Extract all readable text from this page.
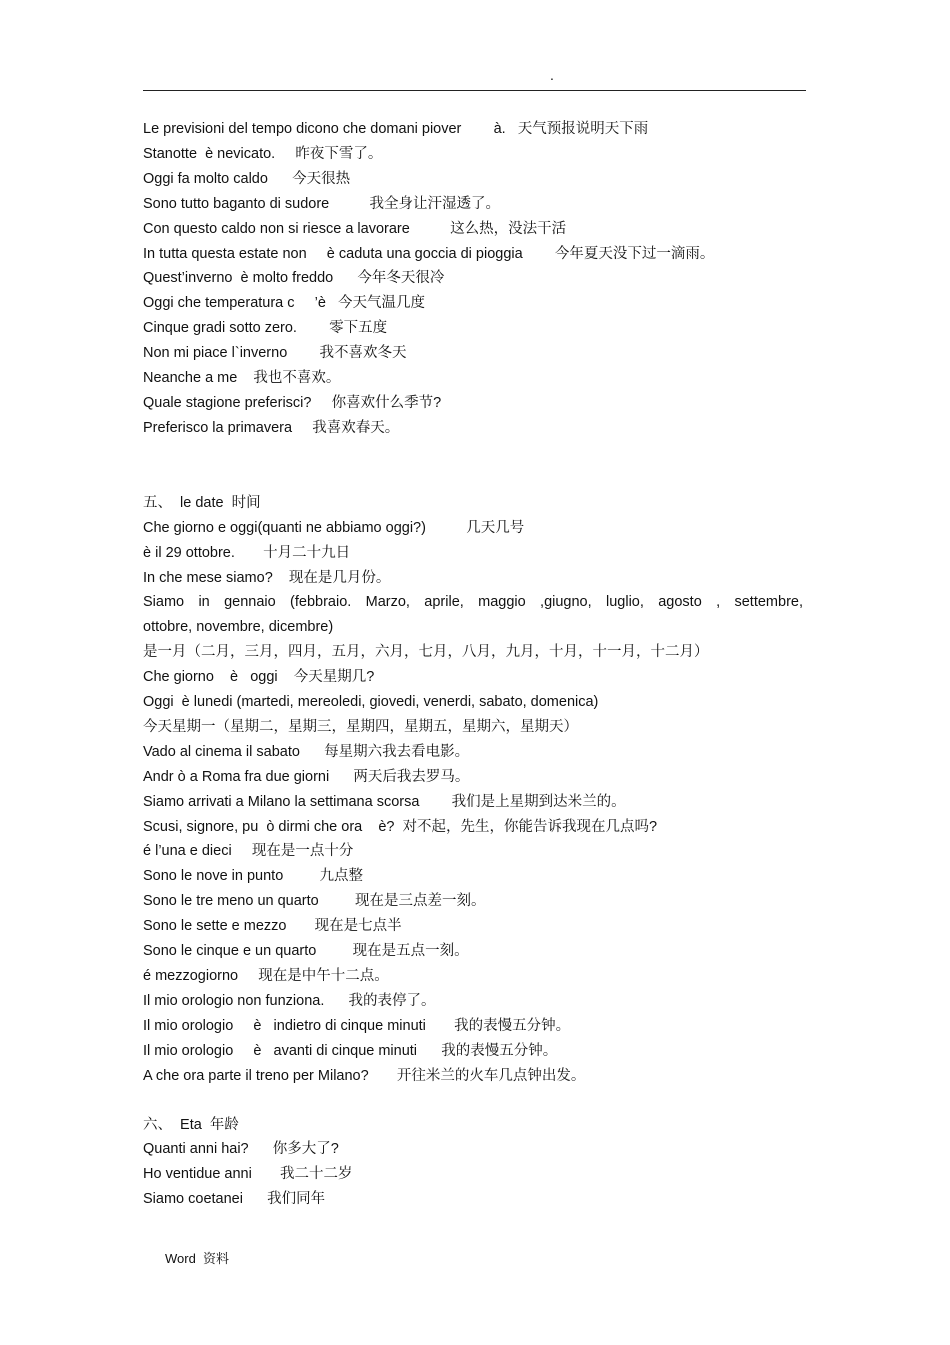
.
Le previsioni del tempo dicono che domani piover        à.   天气预报说明天下雨
Stanotte  è nevicato.     昨夜下雪了。
Oggi fa molto caldo      今天很热
Sono tutto baganto di sudore          我全身让汗湿透了。
Con questo caldo non si riesce a lavorare          这么热，没法干活
In tutta questa estate non     è caduta una goccia di pioggia        今年夏天没下过一滴雨。
Quest’inverno  è molto freddo      今年冬天很冷
Oggi che temperatura c     ’è   今天气温几度
Cinque gradi sotto zero.        零下五度
Non mi piace l`inverno        我不喜欢冬天
Neanche a me    我也不喜欢。
Quale stagione preferisci?     你喜欢什么季节?
Preferisco la primavera     我喜欢春天。
五、  le date  时间
Che giorno e oggi(quanti ne abbiamo oggi?)          几天几号
è il 29 ottobre.       十月二十九日
In che mese siamo?    现在是几月份。
Siamo in gennaio (febbraio. Marzo, aprile, maggio ,giugno, luglio, agosto , settembre,
ottobre, novembre, dicembre)
是一月（二月，三月，四月，五月，六月，七月，八月，九月，十月，十一月，十二月）
Che giorno    è   oggi    今天星期几?
Oggi  è lunedi (martedi, mereoledi, giovedi, venerdi, sabato, domenica)
今天星期一（星期二，星期三，星期四，星期五，星期六，星期天）
Vado al cinema il sabato      每星期六我去看电影。
Andr ò a Roma fra due giorni      两天后我去罗马。
Siamo arrivati a Milano la settimana scorsa        我们是上星期到达米兰的。
Scusi, signore, pu  ò dirmi che ora    è?  对不起，先生，你能告诉我现在几点吗?
é l’una e dieci     现在是一点十分
Sono le nove in punto         九点整
Sono le tre meno un quarto         现在是三点差一刻。
Sono le sette e mezzo       现在是七点半
Sono le cinque e un quarto         现在是五点一刻。
é mezzogiorno     现在是中午十二点。
Il mio orologio non funziona.      我的表停了。
Il mio orologio     è   indietro di cinque minuti       我的表慢五分钟。
Il mio orologio     è   avanti di cinque minuti      我的表慢五分钟。
A che ora parte il treno per Milano?       开往米兰的火车几点钟出发。
六、  Eta  年龄
Quanti anni hai?      你多大了?
Ho ventidue anni       我二十二岁
Siamo coetanei      我们同年
Word  资料
